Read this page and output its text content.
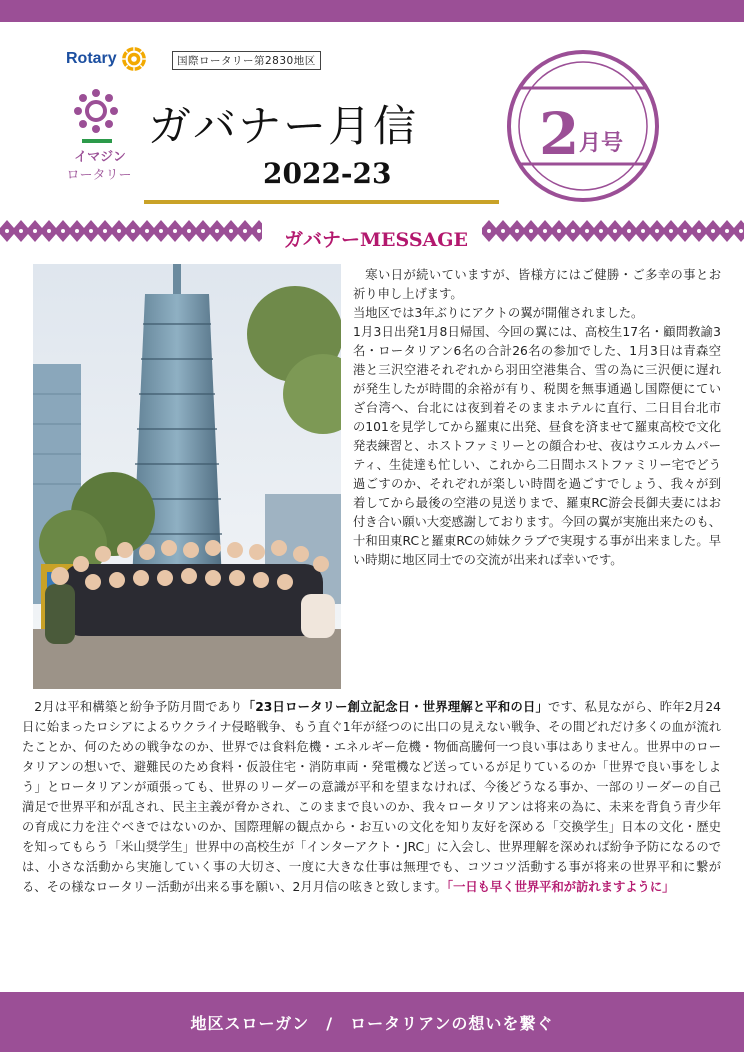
Rotary	国際ロータリー第2830地区
イマジン
ロータリー
ガバナー月信
2022-23
2 月号
ガバナーMESSAGE

寒い日が続いていますが、皆様方にはご健勝・ご多幸の事とお祈り申し上げます。

当地区では3年ぶりにアクトの翼が開催されました。

1月3日出発1月8日帰国、今回の翼には、高校生17名・顧問教諭3名・ロータリアン6名の合計26名の参加でした、1月3日は青森空港と三沢空港それぞれから羽田空港集合、雪の為に三沢便に遅れが発生したが時間的余裕が有り、税関を無事通過し国際便にていざ台湾へ、台北には夜到着そのままホテルに直行、二日目台北市の101を見学してから羅東に出発、昼食を済ませて羅東高校で文化発表練習と、ホストファミリーとの顔合わせ、夜はウエルカムパーティ、生徒達も忙しい、これから二日間ホストファミリー宅でどう過ごすのか、それぞれが楽しい時間を過ごすでしょう、我々が到着してから最後の空港の見送りまで、羅東RC游会長御夫妻にはお付き合い願い大変感謝しております。今回の翼が実施出来たのも、十和田東RCと羅東RCの姉妹クラブで実現する事が出来ました。早い時期に地区同士での交流が出来れば幸いです。

2月は平和構築と紛争予防月間であり「23日ロータリー創立記念日・世界理解と平和の日」です、私見ながら、昨年2月24日に始まったロシアによるウクライナ侵略戦争、もう直ぐ1年が経つのに出口の見えない戦争、その間どれだけ多くの血が流れたことか、何のための戦争なのか、世界では食料危機・エネルギー危機・物価高騰何一つ良い事はありません。世界中のロータリアンの想いで、避難民のため食料・仮設住宅・消防車両・発電機など送っているが足りているのか「世界で良い事をしよう」とロータリアンが頑張っても、世界のリーダーの意識が平和を望まなければ、今後どうなる事か、一部のリーダーの自己満足で世界平和が乱され、民主主義が脅かされ、このままで良いのか、我々ロータリアンは将来の為に、未来を背負う青少年の育成に力を注ぐべきではないのか、国際理解の観点から・お互いの文化を知り友好を深める「交換学生」日本の文化・歴史を知ってもらう「米山奨学生」世界中の高校生が「インターアクト・JRC」に入会し、世界理解を深めれば紛争予防になるのでは、小さな活動から実施していく事の大切さ、一度に大きな仕事は無理でも、コツコツ活動する事が将来の世界平和に繋がる、その様なロータリー活動が出来る事を願い、2月月信の呟きと致します。「一日も早く世界平和が訪れますように」
地区スローガン　/　ロータリアンの想いを繋ぐ
